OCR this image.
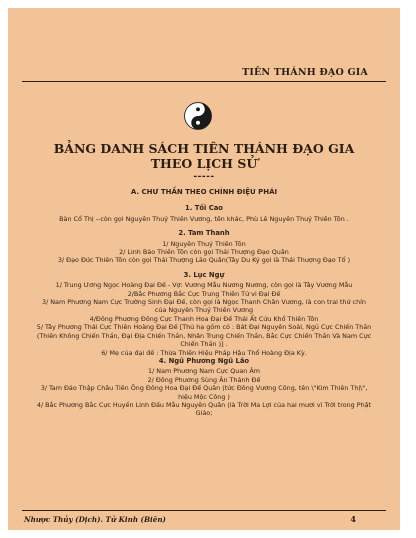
TIÊN THÁNH ĐẠO GIA
BẢNG DANH SÁCH TIÊN THÁNH ĐẠO GIA
THEO LỊCH SỬ
-----
A. CHƯ THẦN THEO CHÍNH ĐIỆU PHÁI
1. Tối Cao

Bàn Cổ Thị --còn gọi Nguyên Thuỷ Thiên Vương, tên khác, Phù Lê Nguyên Thuỷ Thiên Tôn .

2. Tam Thanh

1/ Nguyên Thuỷ Thiên Tôn

2/ Linh Bảo Thiên Tôn còn gọi Thái Thượng Đạo Quân

3/ Đạo Đức Thiên Tôn còn gọi Thái Thượng Lão Quân(Tây Du Ký gọi là Thái Thượng Đạo Tổ )

3. Lục Ngự

1/ Trung Ương Ngọc Hoàng Đại Đế - Vợ: Vương Mẫu Nương Nương, còn gọi là Tây Vương Mẫu

2/Bắc Phương Bắc Cực Trung Thiên Tử vi Đại Đế

3/ Nam Phương Nam Cực Trường Sinh Đại Đế, còn gọi là Ngọc Thanh Chân Vương, là con trai thứ chín của Nguyên Thuỷ Thiên Vương

4/Đông Phương Đông Cực Thanh Hoa Đại Đế Thái Ất Cứu Khổ Thiên Tôn

5/ Tây Phương Thái Cực Thiên Hoàng Đại Đế [Thủ hạ gồm có : Bát Đại Nguyên Soái, Ngũ Cực Chiến Thần (Thiên Không Chiến Thần, Đại Địa Chiến Thần, Nhân Trung Chiến Thần, Bắc Cực Chiến Thần Và Nam Cực Chiến Thần )] .

6/ Mẹ của đại đế : Thừa Thiên Hiệu Pháp Hậu Thổ Hoàng Địa Kỳ.

4. Ngũ Phương Ngũ Lão

1/ Nam Phương Nam Cực Quan Âm

2/ Đông Phương Sùng Ân Thánh Đế

3/ Tam Đảo Thập Châu Tiên Ông Đông Hoa Đại Đế Quân (tức Đông Vương Công, tên \"Kim Thiên Thị\", hiệu Mộc Công )

4/ Bắc Phương Bắc Cực Huyền Linh Đấu Mẫu Nguyên Quân (là Trời Ma Lợi của hai mươi vì Trời trong Phật Giáo;

Nhược Thủy (Dịch). Tử Kinh (Biên)	4
